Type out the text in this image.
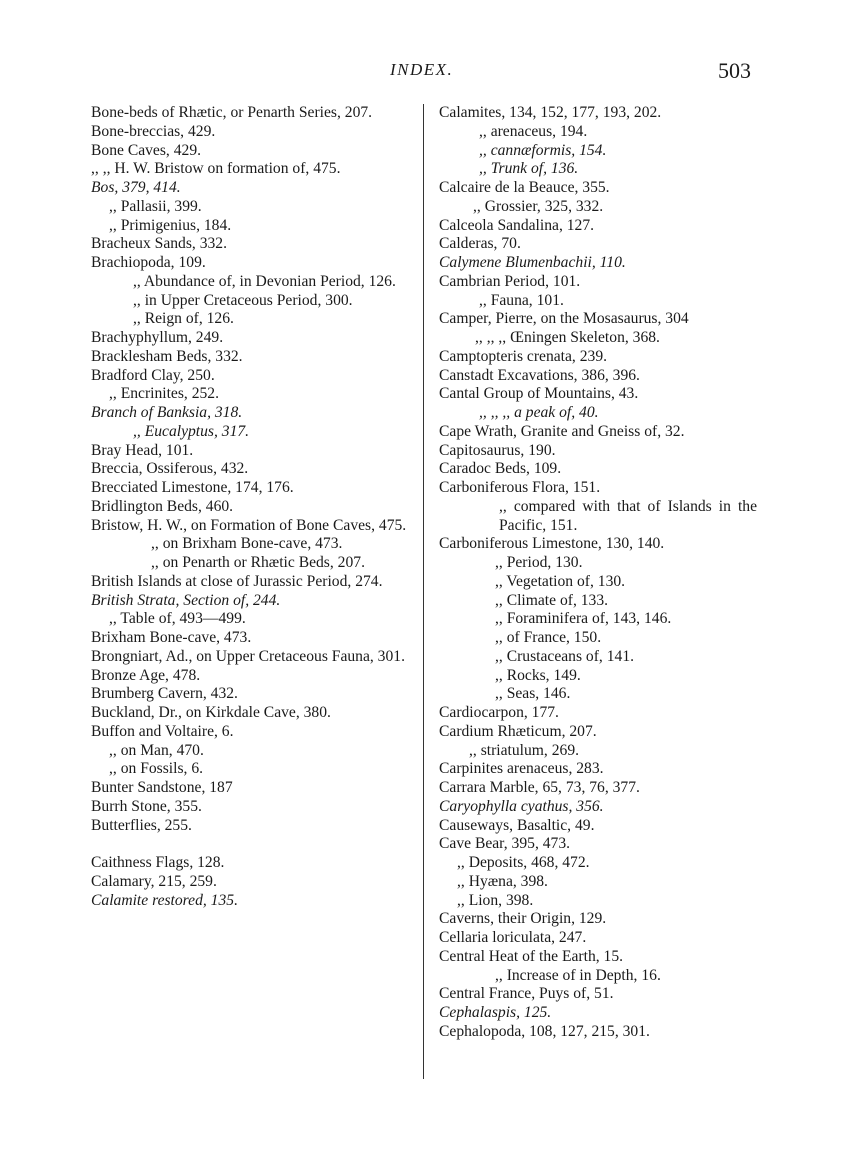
INDEX.	503
Bone-beds of Rhætic, or Penarth Series, 207.
Bone-breccias, 429.
Bone Caves, 429.
,, ,, H. W. Bristow on formation of, 475.
Bos, 379, 414.
,, Pallasii, 399.
,, Primigenius, 184.
Bracheux Sands, 332.
Brachiopoda, 109.
,, Abundance of, in Devonian Period, 126.
,, in Upper Cretaceous Period, 300.
,, Reign of, 126.
Brachyphyllum, 249.
Bracklesham Beds, 332.
Bradford Clay, 250.
,, Encrinites, 252.
Branch of Banksia, 318.
,, Eucalyptus, 317.
Bray Head, 101.
Breccia, Ossiferous, 432.
Brecciated Limestone, 174, 176.
Bridlington Beds, 460.
Bristow, H. W., on Formation of Bone Caves, 475.
,, on Brixham Bone-cave, 473.
,, on Penarth or Rhætic Beds, 207.
British Islands at close of Jurassic Period, 274.
British Strata, Section of, 244.
,, Table of, 493—499.
Brixham Bone-cave, 473.
Brongniart, Ad., on Upper Cretaceous Fauna, 301.
Bronze Age, 478.
Brumberg Cavern, 432.
Buckland, Dr., on Kirkdale Cave, 380.
Buffon and Voltaire, 6.
,, on Man, 470.
,, on Fossils, 6.
Bunter Sandstone, 187
Burrh Stone, 355.
Butterflies, 255.
Caithness Flags, 128.
Calamary, 215, 259.
Calamite restored, 135.
Calamites, 134, 152, 177, 193, 202.
,, arenaceus, 194.
,, cannæformis, 154.
,, Trunk of, 136.
Calcaire de la Beauce, 355.
,, Grossier, 325, 332.
Calceola Sandalina, 127.
Calderas, 70.
Calymene Blumenbachii, 110.
Cambrian Period, 101.
,, Fauna, 101.
Camper, Pierre, on the Mosasaurus, 304
,, ,, ,, Œningen Skeleton, 368.
Camptopteris crenata, 239.
Canstadt Excavations, 386, 396.
Cantal Group of Mountains, 43.
,, ,, ,, a peak of, 40.
Cape Wrath, Granite and Gneiss of, 32.
Capitosaurus, 190.
Caradoc Beds, 109.
Carboniferous Flora, 151.
,, compared with that of Islands in the Pacific, 151.
Carboniferous Limestone, 130, 140.
,, Period, 130.
,, Vegetation of, 130.
,, Climate of, 133.
,, Foraminifera of, 143, 146.
,, of France, 150.
,, Crustaceans of, 141.
,, Rocks, 149.
,, Seas, 146.
Cardiocarpon, 177.
Cardium Rhæticum, 207.
,, striatulum, 269.
Carpinites arenaceus, 283.
Carrara Marble, 65, 73, 76, 377.
Caryophylla cyathus, 356.
Causeways, Basaltic, 49.
Cave Bear, 395, 473.
,, Deposits, 468, 472.
,, Hyæna, 398.
,, Lion, 398.
Caverns, their Origin, 129.
Cellaria loriculata, 247.
Central Heat of the Earth, 15.
,, Increase of in Depth, 16.
Central France, Puys of, 51.
Cephalaspis, 125.
Cephalopoda, 108, 127, 215, 301.
